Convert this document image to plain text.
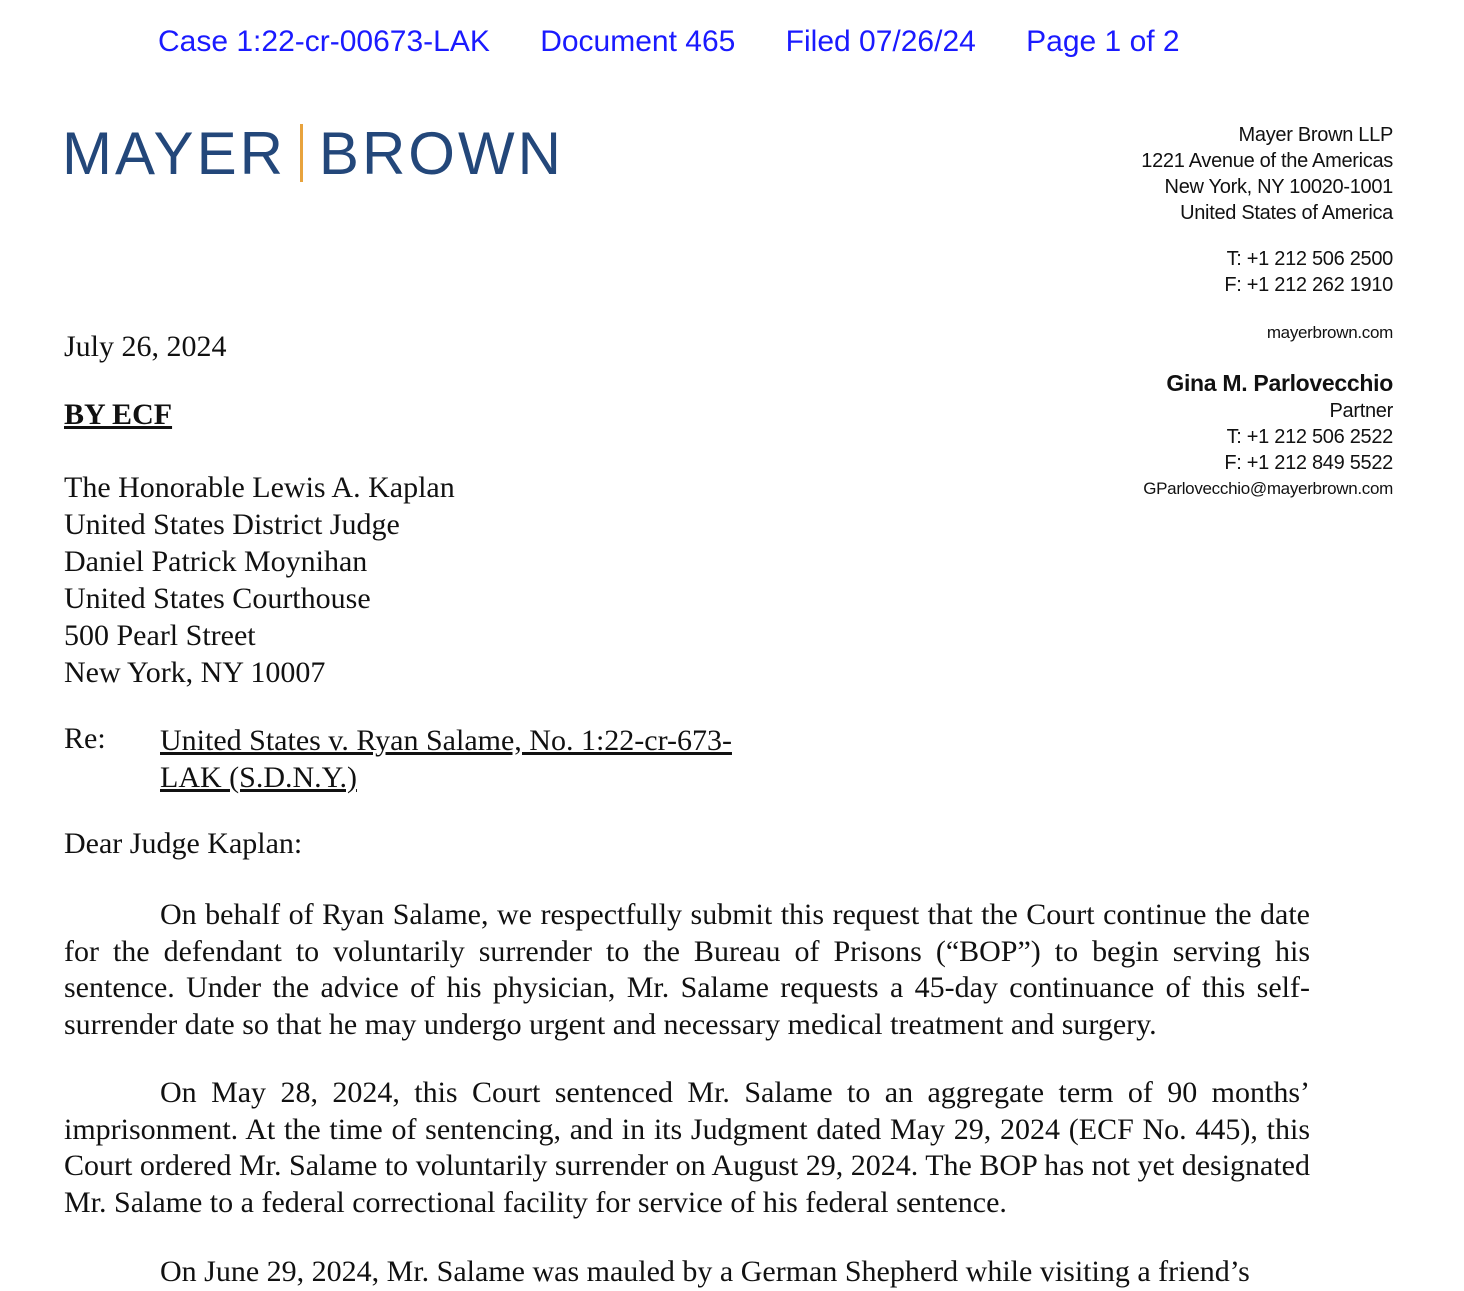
Case 1:22-cr-00673-LAK Document 465 Filed 07/26/24 Page 1 of 2
MAYER BROWN	Mayer Brown LLP
1221 Avenue of the Americas
New York, NY 10020-1001
United States of America
T: +1 212 506 2500
F: +1 212 262 1910
mayerbrown.com
Gina M. Parlovecchio
Partner
T: +1 212 506 2522
F: +1 212 849 5522
GParlovecchio@mayerbrown.com
July 26, 2024
BY ECF
The Honorable Lewis A. Kaplan
United States District Judge
Daniel Patrick Moynihan
United States Courthouse
500 Pearl Street
New York, NY 10007
Re: United States v. Ryan Salame, No. 1:22-cr-673-
LAK (S.D.N.Y.)
Dear Judge Kaplan:
On behalf of Ryan Salame, we respectfully submit this request that the Court continue the date for the defendant to voluntarily surrender to the Bureau of Prisons (“BOP”) to begin serving his sentence. Under the advice of his physician, Mr. Salame requests a 45-day continuance of this self-surrender date so that he may undergo urgent and necessary medical treatment and surgery.
On May 28, 2024, this Court sentenced Mr. Salame to an aggregate term of 90 months’ imprisonment. At the time of sentencing, and in its Judgment dated May 29, 2024 (ECF No. 445), this Court ordered Mr. Salame to voluntarily surrender on August 29, 2024. The BOP has not yet designated Mr. Salame to a federal correctional facility for service of his federal sentence.
On June 29, 2024, Mr. Salame was mauled by a German Shepherd while visiting a friend’s
